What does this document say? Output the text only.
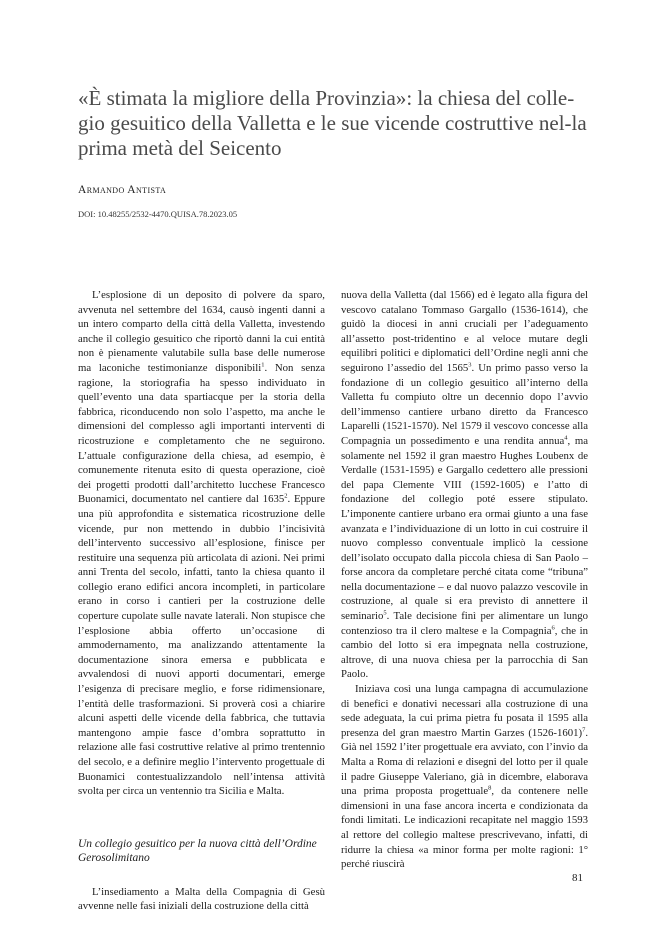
«È stimata la migliore della Provinzia»: la chiesa del colle-gio gesuitico della Valletta e le sue vicende costruttive nel-la prima metà del Seicento
Armando Antista
DOI: 10.48255/2532-4470.QUISA.78.2023.05

L’esplosione di un deposito di polvere da sparo, avvenuta nel settembre del 1634, causò ingenti danni a un intero comparto della città della Valletta, investendo anche il collegio gesuitico che riportò danni la cui entità non è pienamente valutabile sulla base delle numerose ma laconiche testimonianze disponibili$^1$. Non senza ragione, la storiografia ha spesso individuato in quell’evento una data spartiacque per la storia della fabbrica, riconducendo non solo l’aspetto, ma anche le dimensioni del complesso agli importanti interventi di ricostruzione e completamento che ne seguirono. L’attuale configurazione della chiesa, ad esempio, è comunemente ritenuta esito di questa operazione, cioè dei progetti prodotti dall’architetto lucchese Francesco Buonamici, documentato nel cantiere dal 1635$^2$. Eppure una più approfondita e sistematica ricostruzione delle vicende, pur non mettendo in dubbio l’incisività dell’intervento successivo all’esplosione, finisce per restituire una sequenza più articolata di azioni. Nei primi anni Trenta del secolo, infatti, tanto la chiesa quanto il collegio erano edifici ancora incompleti, in particolare erano in corso i cantieri per la costruzione delle coperture cupolate sulle navate laterali. Non stupisce che l’esplosione abbia offerto un’occasione di ammodernamento, ma analizzando attentamente la documentazione sinora emersa e pubblicata e avvalendosi di nuovi apporti documentari, emerge l’esigenza di precisare meglio, e forse ridimensionare, l’entità delle trasformazioni. Si proverà così a chiarire alcuni aspetti delle vicende della fabbrica, che tuttavia mantengono ampie fasce d’ombra soprattutto in relazione alle fasi costruttive relative al primo trentennio del secolo, e a definire meglio l’intervento progettuale di Buonamici contestualizzandolo nell’intensa attività svolta per circa un ventennio tra Sicilia e Malta.

Un collegio gesuitico per la nuova città dell’Ordine Gerosolimitano

L’insediamento a Malta della Compagnia di Gesù avvenne nelle fasi iniziali della costruzione della città

nuova della Valletta (dal 1566) ed è legato alla figura del vescovo catalano Tommaso Gargallo (1536-1614), che guidò la diocesi in anni cruciali per l’adeguamento all’assetto post-tridentino e al veloce mutare degli equilibri politici e diplomatici dell’Ordine negli anni che seguirono l’assedio del 1565$^3$. Un primo passo verso la fondazione di un collegio gesuitico all’interno della Valletta fu compiuto oltre un decennio dopo l’avvio dell’immenso cantiere urbano diretto da Francesco Laparelli (1521-1570). Nel 1579 il vescovo concesse alla Compagnia un possedimento e una rendita annua$^4$, ma solamente nel 1592 il gran maestro Hughes Loubenx de Verdalle (1531-1595) e Gargallo cedettero alle pressioni del papa Clemente VIII (1592-1605) e l’atto di fondazione del collegio poté essere stipulato. L’imponente cantiere urbano era ormai giunto a una fase avanzata e l’individuazione di un lotto in cui costruire il nuovo complesso conventuale implicò la cessione dell’isolato occupato dalla piccola chiesa di San Paolo – forse ancora da completare perché citata come “tribuna” nella documentazione – e dal nuovo palazzo vescovile in costruzione, al quale si era previsto di annettere il seminario$^5$. Tale decisione finì per alimentare un lungo contenzioso tra il clero maltese e la Compagnia$^6$, che in cambio del lotto si era impegnata nella costruzione, altrove, di una nuova chiesa per la parrocchia di San Paolo.

Iniziava così una lunga campagna di accumulazione di benefici e donativi necessari alla costruzione di una sede adeguata, la cui prima pietra fu posata il 1595 alla presenza del gran maestro Martin Garzes (1526-1601)$^7$. Già nel 1592 l’iter progettuale era avviato, con l’invio da Malta a Roma di relazioni e disegni del lotto per il quale il padre Giuseppe Valeriano, già in dicembre, elaborava una prima proposta progettuale$^8$, da contenere nelle dimensioni in una fase ancora incerta e condizionata da fondi limitati. Le indicazioni recapitate nel maggio 1593 al rettore del collegio maltese prescrivevano, infatti, di ridurre la chiesa «a minor forma per molte ragioni: 1° perché riuscirà

81
